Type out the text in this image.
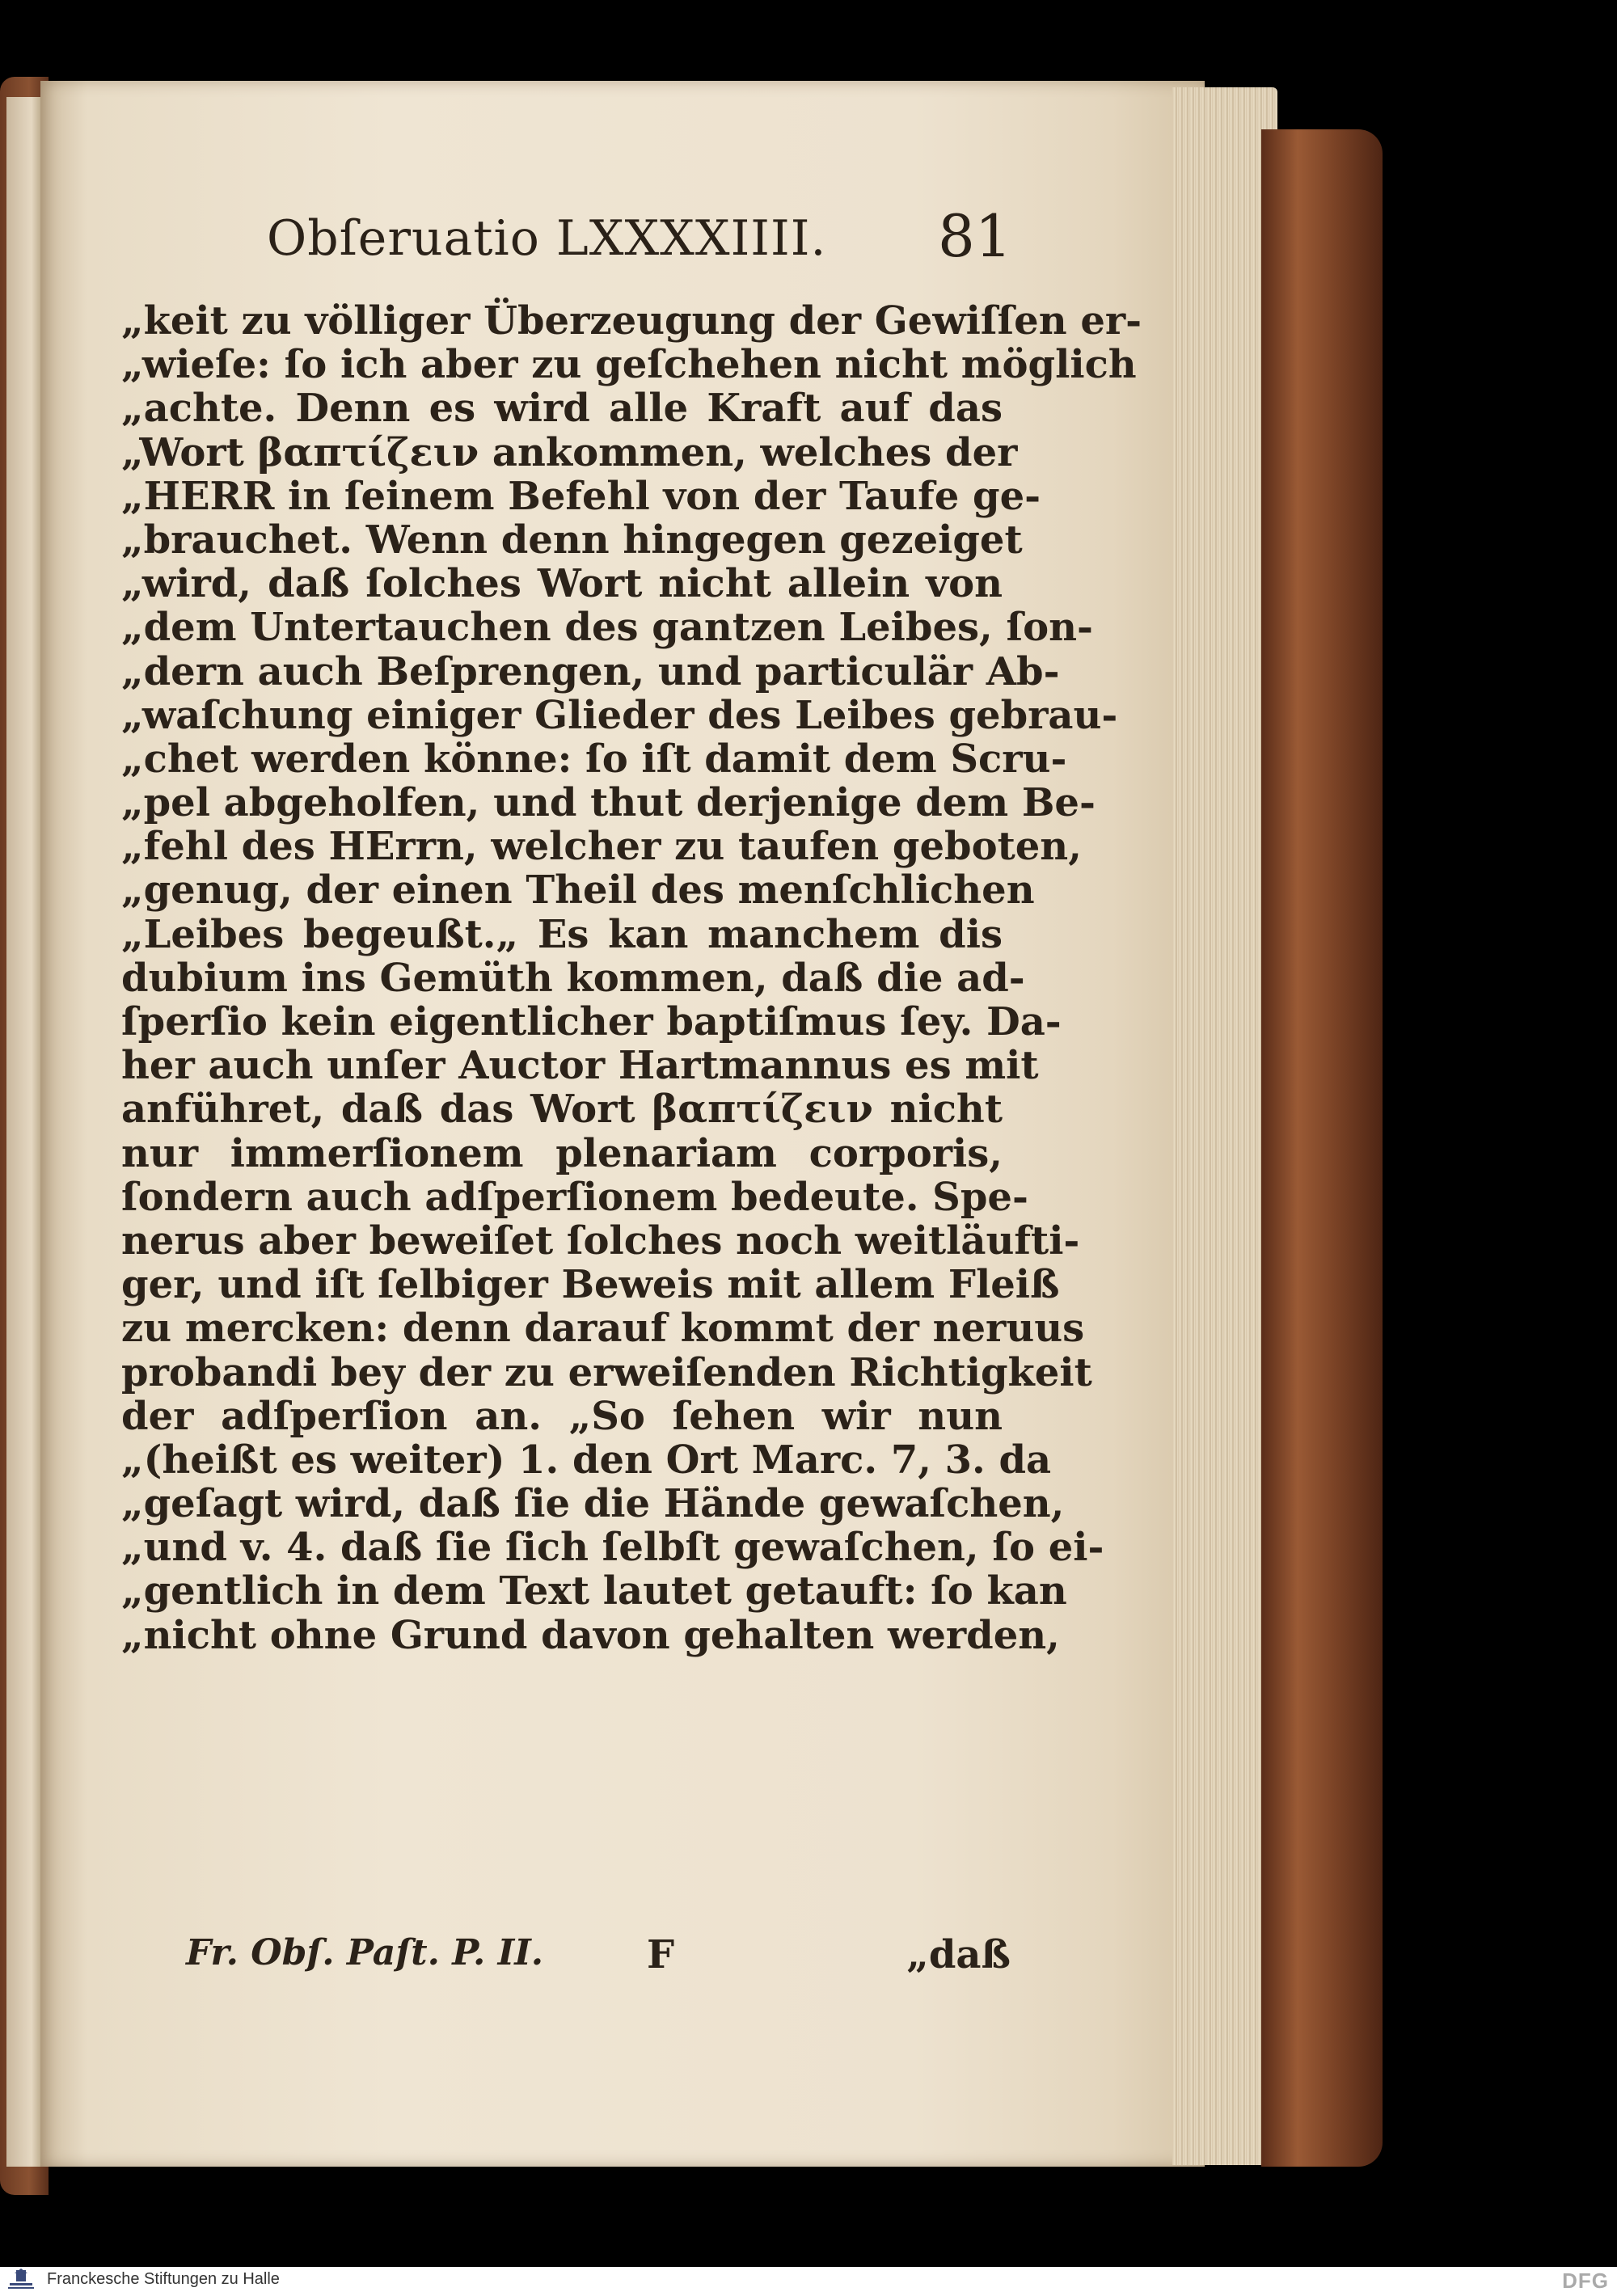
Obſeruatio LXXXXIIII. 81
„keit zu völliger Überzeugung der Gewiſſen er-
„wieſe: ſo ich aber zu geſchehen nicht möglich
„achte. Denn es wird alle Kraft auf das
„Wort βαπτίζειν ankommen, welches der
„HERR in ſeinem Befehl von der Taufe ge-
„brauchet. Wenn denn hingegen gezeiget
„wird, daß ſolches Wort nicht allein von
„dem Untertauchen des gantzen Leibes, ſon-
„dern auch Beſprengen, und particulär Ab-
„waſchung einiger Glieder des Leibes gebrau-
„chet werden könne: ſo iſt damit dem Scru-
„pel abgeholfen, und thut derjenige dem Be-
„fehl des HErrn, welcher zu taufen geboten,
„genug, der einen Theil des menſchlichen
„Leibes begeußt.„ Es kan manchem dis
dubium ins Gemüth kommen, daß die ad-
ſperſio kein eigentlicher baptiſmus ſey. Da-
her auch unſer Auctor Hartmannus es mit
anführet, daß das Wort βαπτίζειν nicht
nur immerſionem plenariam corporis,
ſondern auch adſperſionem bedeute. Spe-
nerus aber beweiſet ſolches noch weitläufti-
ger, und iſt ſelbiger Beweis mit allem Fleiß
zu mercken: denn darauf kommt der neruus
probandi bey der zu erweiſenden Richtigkeit
der adſperſion an. „So ſehen wir nun
„(heißt es weiter) 1. den Ort Marc. 7, 3. da
„geſagt wird, daß ſie die Hände gewaſchen,
„und v. 4. daß ſie ſich ſelbſt gewaſchen, ſo ei-
„gentlich in dem Text lautet getauft: ſo kan
„nicht ohne Grund davon gehalten werden,
Fr. Obſ. Paſt. P. II.	F	„daß
Franckesche Stiftungen zu Halle	DFG
